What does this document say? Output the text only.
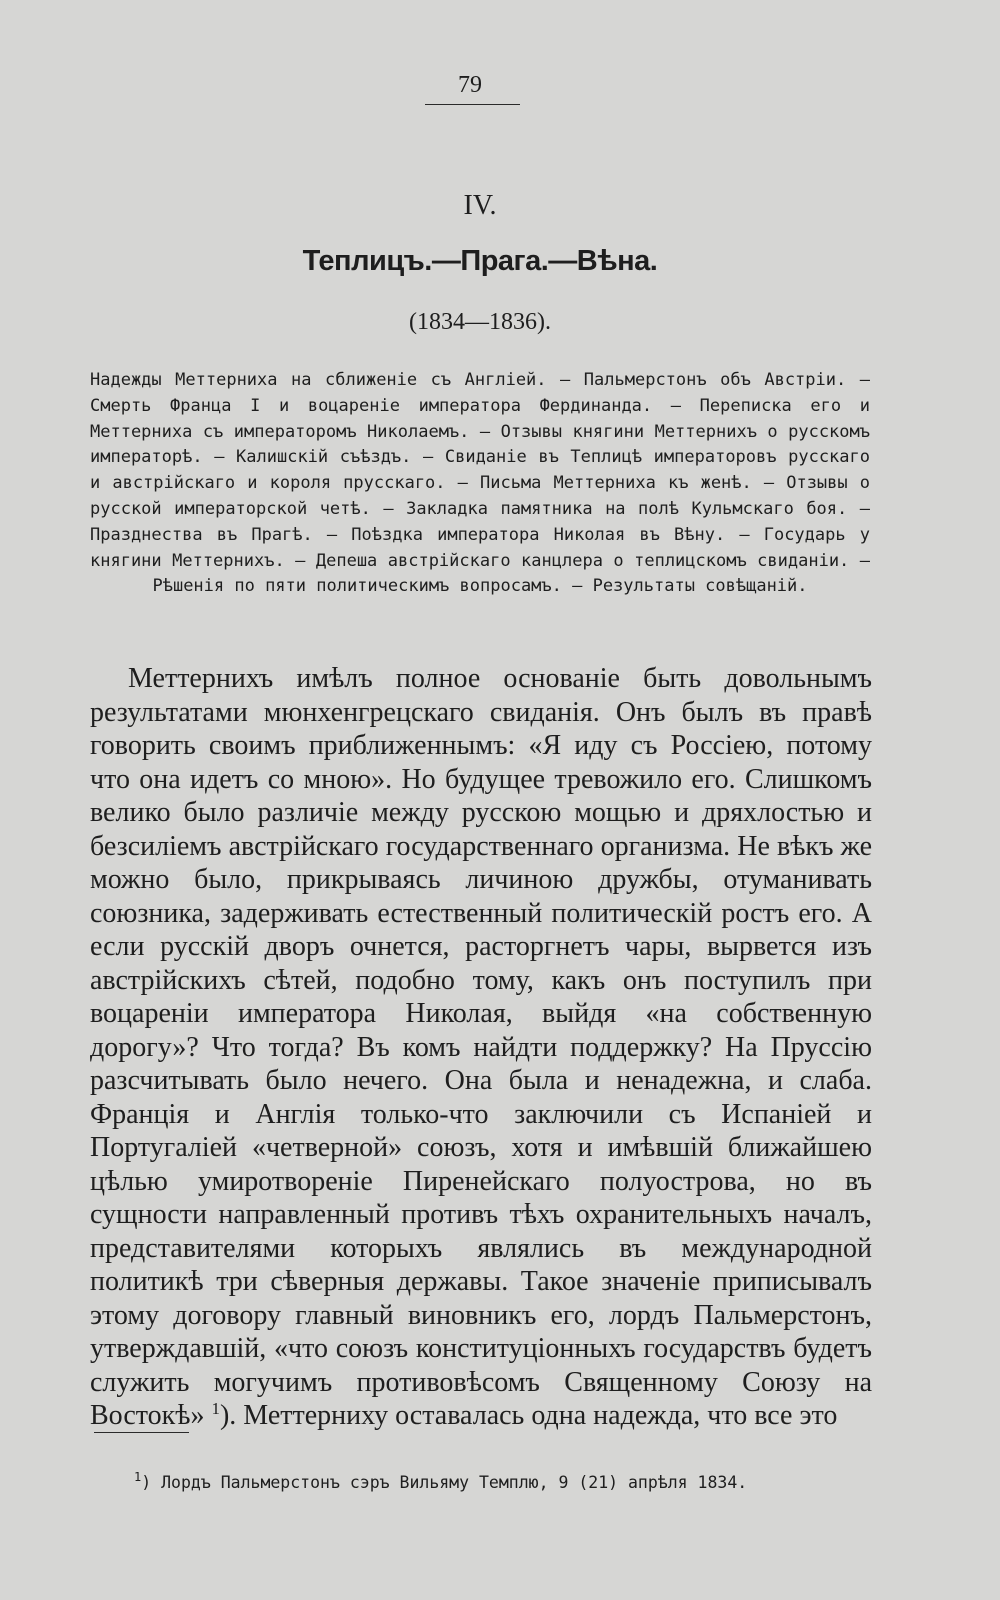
79
IV.
Теплицъ.—Прага.—Вѣна.
(1834—1836).
Надежды Меттерниха на сближеніе съ Англіей. — Пальмерстонъ объ Австріи. — Смерть Франца I и воцареніе императора Фердинанда. — Переписка его и Меттерниха съ императоромъ Николаемъ. — Отзывы княгини Меттернихъ о русскомъ императорѣ. — Калишскій съѣздъ. — Свиданіе въ Теплицѣ императоровъ русскаго и австрійскаго и короля прусскаго. — Письма Меттерниха къ женѣ. — Отзывы о русской императорской четѣ. — Закладка памятника на полѣ Кульмскаго боя. — Празднества въ Прагѣ. — Поѣздка императора Николая въ Вѣну. — Государь у княгини Меттернихъ. — Депеша австрійскаго канцлера о теплицскомъ свиданіи. — Рѣшенія по пяти политическимъ вопросамъ. — Результаты совѣщаній.

Меттернихъ имѣлъ полное основаніе быть довольнымъ результатами мюнхенгрецскаго свиданія. Онъ былъ въ правѣ говорить своимъ приближеннымъ: «Я иду съ Россіею, потому что она идетъ со мною». Но будущее тревожило его. Слишкомъ велико было различіе между русскою мощью и дряхлостью и безсиліемъ австрійскаго государственнаго организма. Не вѣкъ же можно было, прикрываясь личиною дружбы, отуманивать союзника, задерживать естественный политическій ростъ его. А если русскій дворъ очнется, расторгнетъ чары, вырвется изъ австрійскихъ сѣтей, подобно тому, какъ онъ поступилъ при воцареніи императора Николая, выйдя «на собственную дорогу»? Что тогда? Въ комъ найдти поддержку? На Пруссію разсчитывать было нечего. Она была и ненадежна, и слаба. Франція и Англія только-что заключили съ Испаніей и Португаліей «четверной» союзъ, хотя и имѣвшій ближайшею цѣлью умиротвореніе Пиренейскаго полуострова, но въ сущности направленный противъ тѣхъ охранительныхъ началъ, представителями которыхъ являлись въ международной политикѣ три сѣверныя державы. Такое значеніе приписывалъ этому договору главный виновникъ его, лордъ Пальмерстонъ, утверждавшій, «что союзъ конституціонныхъ государствъ будетъ служить могучимъ противовѣсомъ Священному Союзу на Востокѣ» $^1$). Меттерниху оставалась одна надежда, что все это

$^1$) Лордъ Пальмерстонъ сэръ Вильяму Темплю, 9 (21) апрѣля 1834.
